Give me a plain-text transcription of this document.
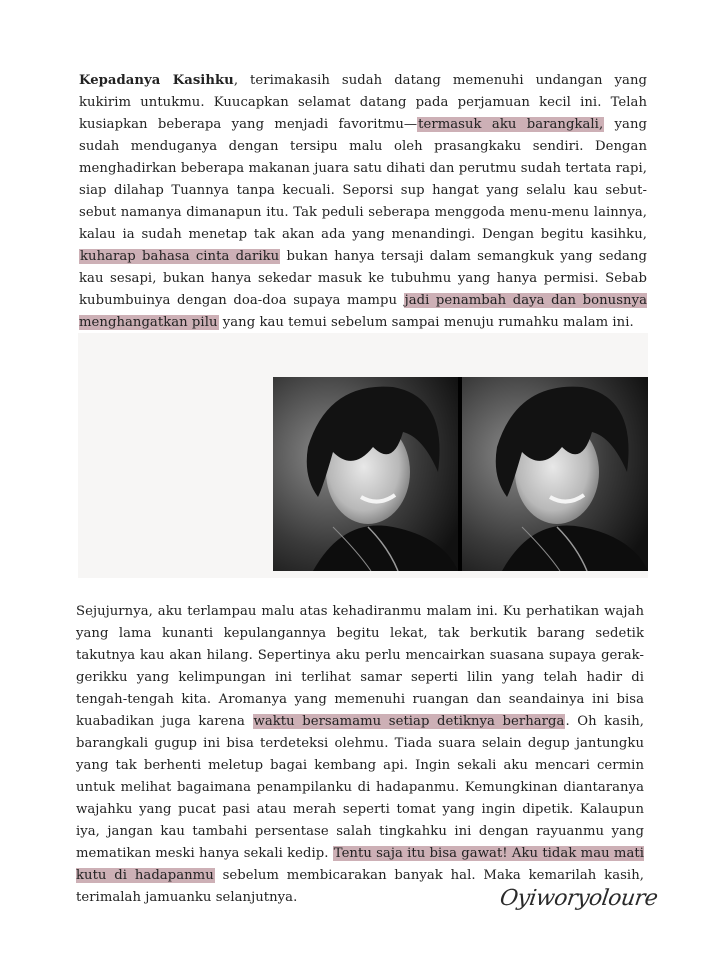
Kepadanya Kasihku, terimakasih sudah datang memenuhi undangan yang kukirim untukmu. Kuucapkan selamat datang pada perjamuan kecil ini. Telah kusiapkan beberapa yang menjadi favoritmu—termasuk aku barangkali, yang sudah menduganya dengan tersipu malu oleh prasangkaku sendiri. Dengan menghadirkan beberapa makanan juara satu dihati dan perutmu sudah tertata rapi, siap dilahap Tuannya tanpa kecuali. Seporsi sup hangat yang selalu kau sebut-sebut namanya dimanapun itu. Tak peduli seberapa menggoda menu-menu lainnya, kalau ia sudah menetap tak akan ada yang menandingi. Dengan begitu kasihku, kuharap bahasa cinta dariku bukan hanya tersaji dalam semangkuk yang sedang kau sesapi, bukan hanya sekedar masuk ke tubuhmu yang hanya permisi. Sebab kubumbuinya dengan doa-doa supaya mampu jadi penambah daya dan bonusnya menghangatkan pilu yang kau temui sebelum sampai menuju rumahku malam ini.

Sejujurnya, aku terlampau malu atas kehadiranmu malam ini. Ku perhatikan wajah yang lama kunanti kepulangannya begitu lekat, tak berkutik barang sedetik takutnya kau akan hilang. Sepertinya aku perlu mencairkan suasana supaya gerak-gerikku yang kelimpungan ini terlihat samar seperti lilin yang telah hadir di tengah-tengah kita. Aromanya yang memenuhi ruangan dan seandainya ini bisa kuabadikan juga karena waktu bersamamu setiap detiknya berharga. Oh kasih, barangkali gugup ini bisa terdeteksi olehmu. Tiada suara selain degup jantungku yang tak berhenti meletup bagai kembang api. Ingin sekali aku mencari cermin untuk melihat bagaimana penampilanku di hadapanmu. Kemungkinan diantaranya wajahku yang pucat pasi atau merah seperti tomat yang ingin dipetik. Kalaupun iya, jangan kau tambahi persentase salah tingkahku ini dengan rayuanmu yang mematikan meski hanya sekali kedip. Tentu saja itu bisa gawat! Aku tidak mau mati kutu di hadapanmu sebelum membicarakan banyak hal. Maka kemarilah kasih, terimalah jamuanku selanjutnya.	Oyiworyoloure
